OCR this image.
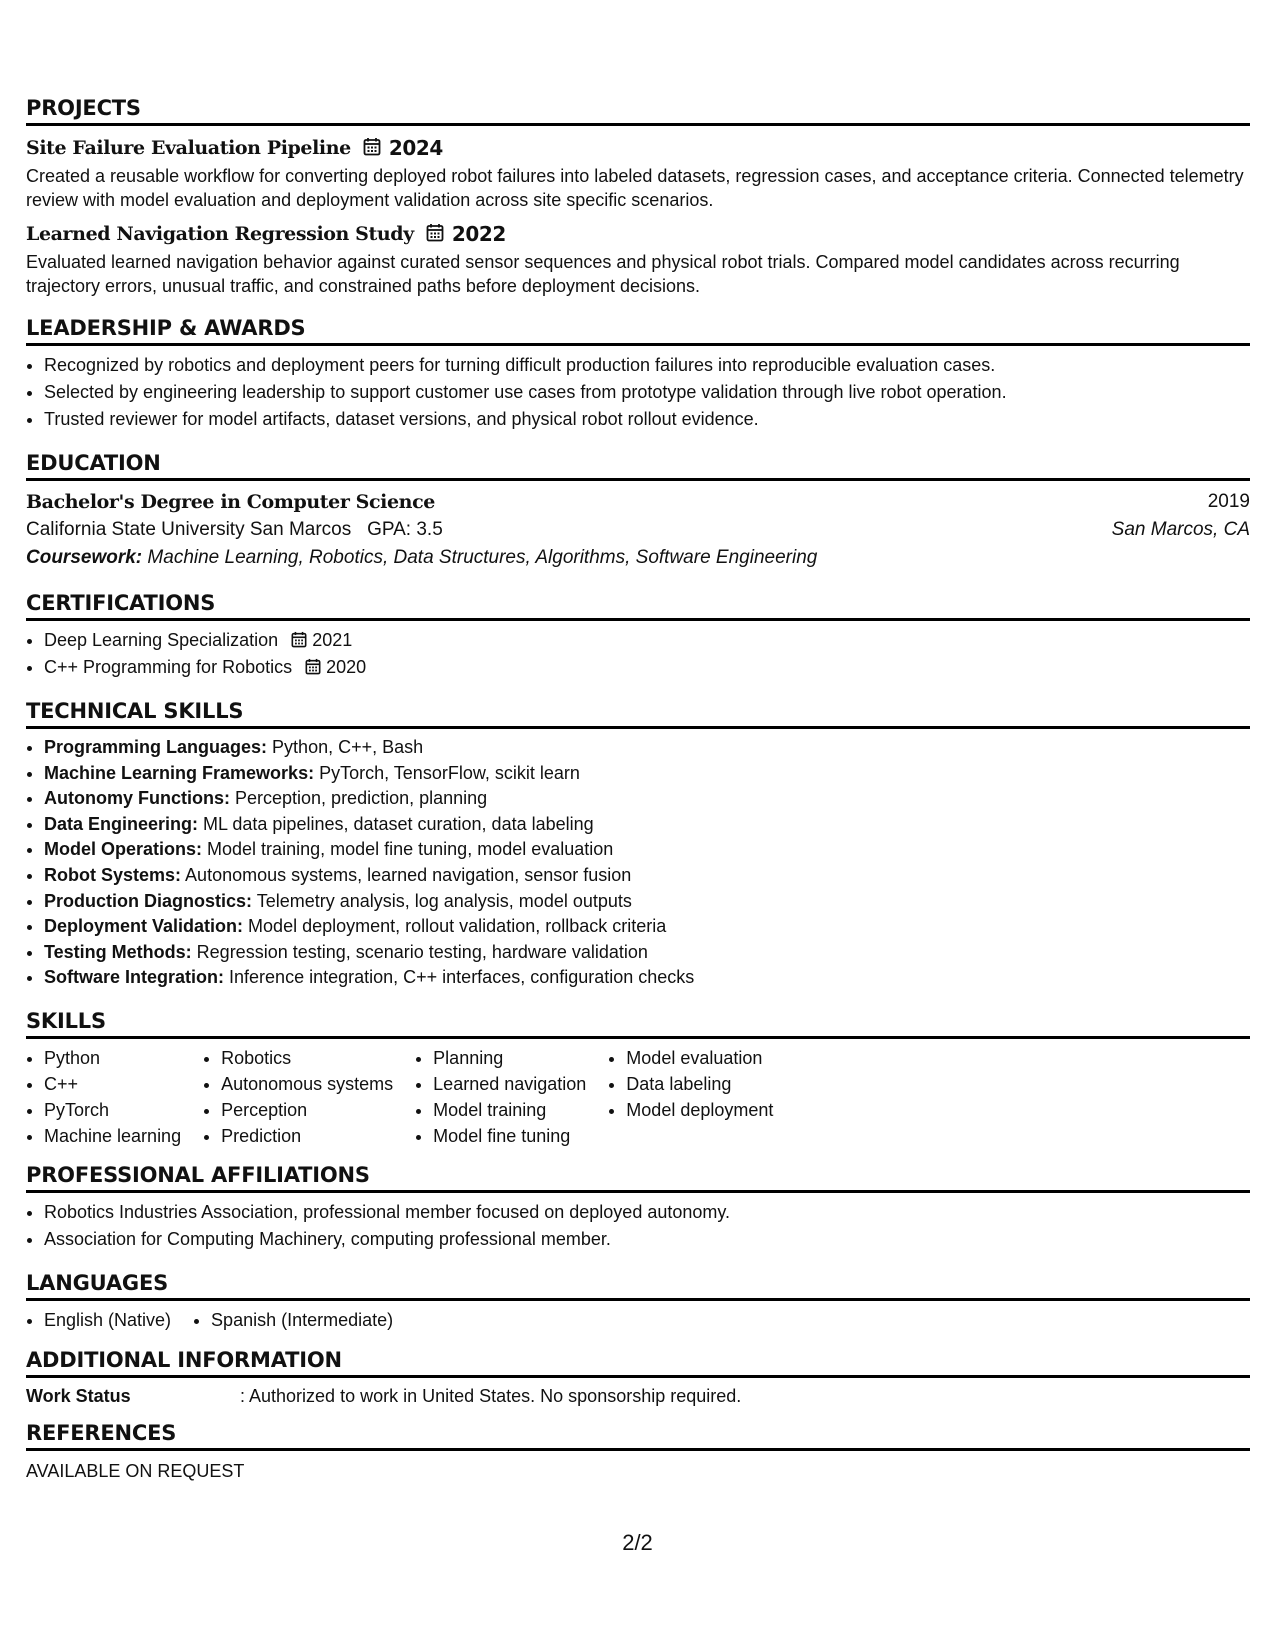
PROJECTS
Site Failure Evaluation Pipeline 2024
Created a reusable workflow for converting deployed robot failures into labeled datasets, regression cases, and acceptance criteria. Connected telemetry review with model evaluation and deployment validation across site specific scenarios.
Learned Navigation Regression Study 2022
Evaluated learned navigation behavior against curated sensor sequences and physical robot trials. Compared model candidates across recurring trajectory errors, unusual traffic, and constrained paths before deployment decisions.
LEADERSHIP & AWARDS
• Recognized by robotics and deployment peers for turning difficult production failures into reproducible evaluation cases.
• Selected by engineering leadership to support customer use cases from prototype validation through live robot operation.
• Trusted reviewer for model artifacts, dataset versions, and physical robot rollout evidence.
EDUCATION
Bachelor's Degree in Computer Science	2019
California State University San Marcos   GPA: 3.5	San Marcos, CA
Coursework: Machine Learning, Robotics, Data Structures, Algorithms, Software Engineering
CERTIFICATIONS
• Deep Learning Specialization 2021
• C++ Programming for Robotics 2020
TECHNICAL SKILLS
• Programming Languages: Python, C++, Bash
• Machine Learning Frameworks: PyTorch, TensorFlow, scikit learn
• Autonomy Functions: Perception, prediction, planning
• Data Engineering: ML data pipelines, dataset curation, data labeling
• Model Operations: Model training, model fine tuning, model evaluation
• Robot Systems: Autonomous systems, learned navigation, sensor fusion
• Production Diagnostics: Telemetry analysis, log analysis, model outputs
• Deployment Validation: Model deployment, rollout validation, rollback criteria
• Testing Methods: Regression testing, scenario testing, hardware validation
• Software Integration: Inference integration, C++ interfaces, configuration checks
SKILLS
• Python
• C++
• PyTorch
• Machine learning
• Robotics
• Autonomous systems
• Perception
• Prediction
• Planning
• Learned navigation
• Model training
• Model fine tuning
• Model evaluation
• Data labeling
• Model deployment
PROFESSIONAL AFFILIATIONS
• Robotics Industries Association, professional member focused on deployed autonomy.
• Association for Computing Machinery, computing professional member.
LANGUAGES
• English (Native)
• Spanish (Intermediate)
ADDITIONAL INFORMATION
Work Status	: Authorized to work in United States. No sponsorship required.
REFERENCES
AVAILABLE ON REQUEST
2/2
